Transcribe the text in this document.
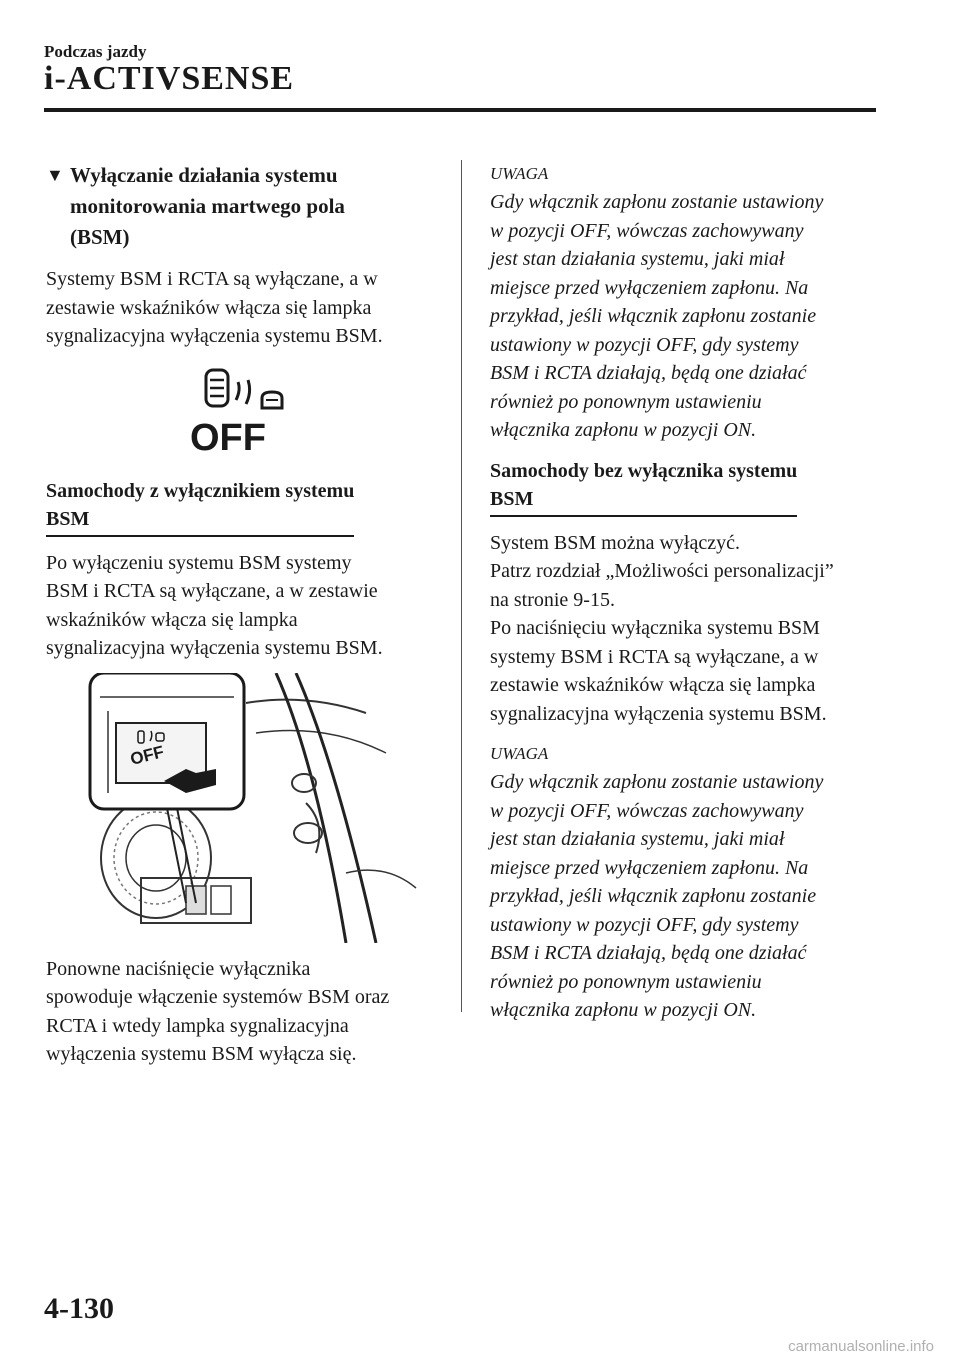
Podczas jazdy
i-ACTIVSENSE
▼ Wyłączanie działania systemu
monitorowania martwego pola
(BSM)

Systemy BSM i RCTA są wyłączane, a w
zestawie wskaźników włącza się lampka
sygnalizacyjna wyłączenia systemu BSM.

OFF
Samochody z wyłącznikiem systemu
BSM

Po wyłączeniu systemu BSM systemy
BSM i RCTA są wyłączane, a w zestawie
wskaźników włącza się lampka
sygnalizacyjna wyłączenia systemu BSM.

OFF

Ponowne naciśnięcie wyłącznika
spowoduje włączenie systemów BSM oraz
RCTA i wtedy lampka sygnalizacyjna
wyłączenia systemu BSM wyłącza się.

UWAGA
Gdy włącznik zapłonu zostanie ustawiony
w pozycji OFF, wówczas zachowywany
jest stan działania systemu, jaki miał
miejsce przed wyłączeniem zapłonu. Na
przykład, jeśli włącznik zapłonu zostanie
ustawiony w pozycji OFF, gdy systemy
BSM i RCTA działają, będą one działać
również po ponownym ustawieniu
włącznika zapłonu w pozycji ON.
Samochody bez wyłącznika systemu
BSM

System BSM można wyłączyć.
Patrz rozdział „Możliwości personalizacji”
na stronie 9-15.
Po naciśnięciu wyłącznika systemu BSM
systemy BSM i RCTA są wyłączane, a w
zestawie wskaźników włącza się lampka
sygnalizacyjna wyłączenia systemu BSM.

UWAGA
Gdy włącznik zapłonu zostanie ustawiony
w pozycji OFF, wówczas zachowywany
jest stan działania systemu, jaki miał
miejsce przed wyłączeniem zapłonu. Na
przykład, jeśli włącznik zapłonu zostanie
ustawiony w pozycji OFF, gdy systemy
BSM i RCTA działają, będą one działać
również po ponownym ustawieniu
włącznika zapłonu w pozycji ON.
4-130
carmanualsonline.info
